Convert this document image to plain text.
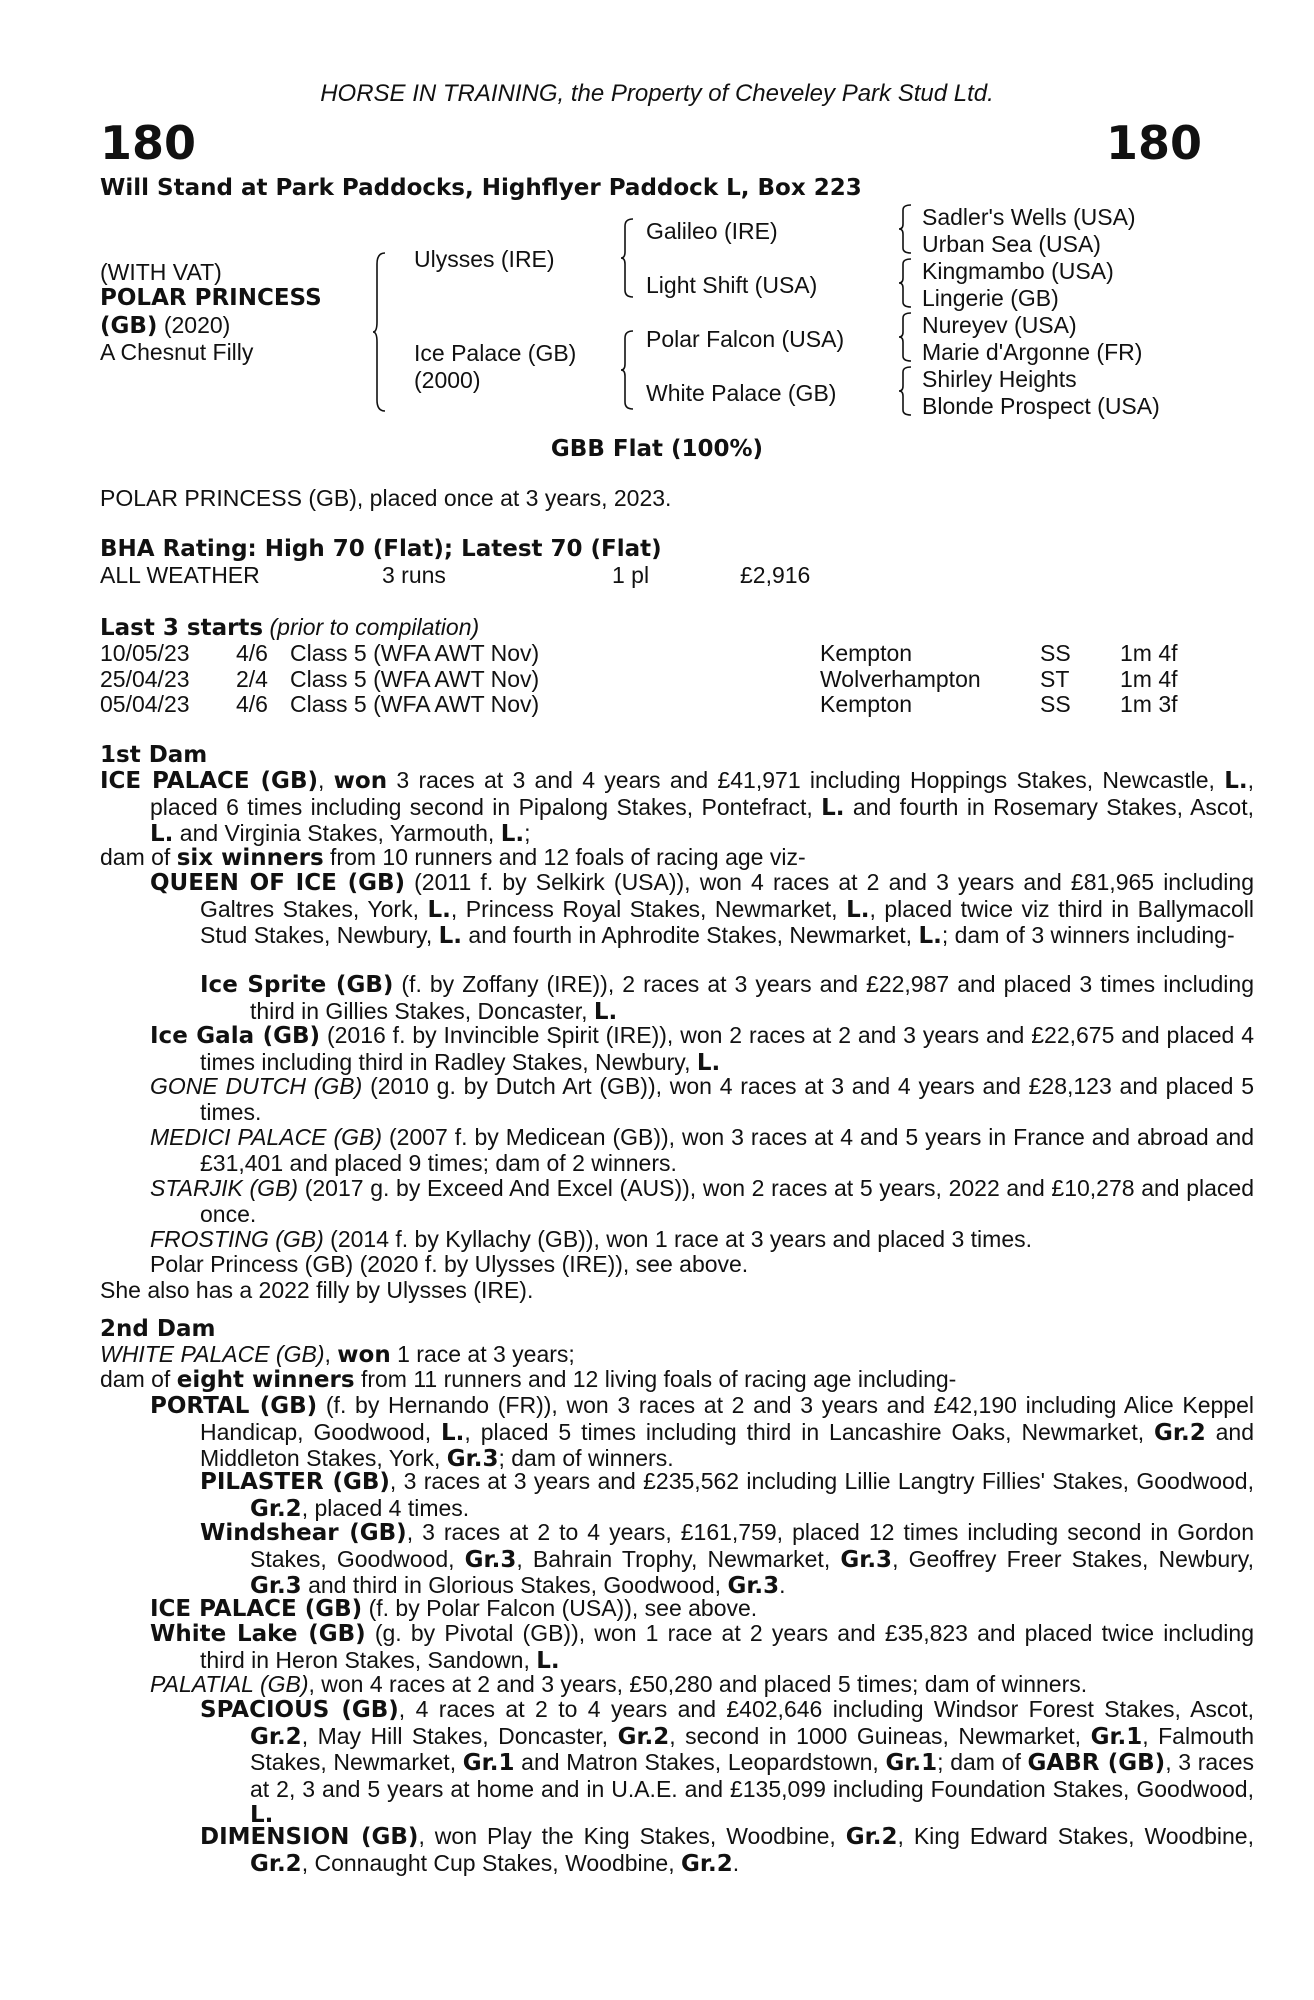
HORSE IN TRAINING, the Property of Cheveley Park Stud Ltd.
180	180
Will Stand at Park Paddocks, Highflyer Paddock L, Box 223
(WITH VAT)
POLAR PRINCESS
(GB) (2020)
A Chesnut Filly
Ulysses (IRE)
Ice Palace (GB)
(2000)
Galileo (IRE)
Light Shift (USA)
Polar Falcon (USA)
White Palace (GB)
Sadler's Wells (USA)
Urban Sea (USA)
Kingmambo (USA)
Lingerie (GB)
Nureyev (USA)
Marie d'Argonne (FR)
Shirley Heights
Blonde Prospect (USA)
GBB Flat (100%)
POLAR PRINCESS (GB), placed once at 3 years, 2023.
BHA Rating: High 70 (Flat); Latest 70 (Flat)
ALL WEATHER	3 runs	1 pl	£2,916
Last 3 starts (prior to compilation)
10/05/23 4/6 Class 5 (WFA AWT Nov)	Kempton	SS 1m 4f
25/04/23 2/4 Class 5 (WFA AWT Nov)	Wolverhampton	ST 1m 4f
05/04/23 4/6 Class 5 (WFA AWT Nov)	Kempton	SS 1m 3f
1st Dam
ICE PALACE (GB), won 3 races at 3 and 4 years and £41,971 including Hoppings Stakes, Newcastle, L., placed 6 times including second in Pipalong Stakes, Pontefract, L. and fourth in Rosemary Stakes, Ascot, L. and Virginia Stakes, Yarmouth, L.;
dam of six winners from 10 runners and 12 foals of racing age viz-
QUEEN OF ICE (GB) (2011 f. by Selkirk (USA)), won 4 races at 2 and 3 years and £81,965 including Galtres Stakes, York, L., Princess Royal Stakes, Newmarket, L., placed twice viz third in Ballymacoll Stud Stakes, Newbury, L. and fourth in Aphrodite Stakes, Newmarket, L.; dam of 3 winners including-
Ice Sprite (GB) (f. by Zoffany (IRE)), 2 races at 3 years and £22,987 and placed 3 times including third in Gillies Stakes, Doncaster, L.
Ice Gala (GB) (2016 f. by Invincible Spirit (IRE)), won 2 races at 2 and 3 years and £22,675 and placed 4 times including third in Radley Stakes, Newbury, L.
GONE DUTCH (GB) (2010 g. by Dutch Art (GB)), won 4 races at 3 and 4 years and £28,123 and placed 5 times.
MEDICI PALACE (GB) (2007 f. by Medicean (GB)), won 3 races at 4 and 5 years in France and abroad and £31,401 and placed 9 times; dam of 2 winners.
STARJIK (GB) (2017 g. by Exceed And Excel (AUS)), won 2 races at 5 years, 2022 and £10,278 and placed once.
FROSTING (GB) (2014 f. by Kyllachy (GB)), won 1 race at 3 years and placed 3 times.
Polar Princess (GB) (2020 f. by Ulysses (IRE)), see above.
She also has a 2022 filly by Ulysses (IRE).
2nd Dam
WHITE PALACE (GB), won 1 race at 3 years;
dam of eight winners from 11 runners and 12 living foals of racing age including-
PORTAL (GB) (f. by Hernando (FR)), won 3 races at 2 and 3 years and £42,190 including Alice Keppel Handicap, Goodwood, L., placed 5 times including third in Lancashire Oaks, Newmarket, Gr.2 and Middleton Stakes, York, Gr.3; dam of winners.
PILASTER (GB), 3 races at 3 years and £235,562 including Lillie Langtry Fillies' Stakes, Goodwood, Gr.2, placed 4 times.
Windshear (GB), 3 races at 2 to 4 years, £161,759, placed 12 times including second in Gordon Stakes, Goodwood, Gr.3, Bahrain Trophy, Newmarket, Gr.3, Geoffrey Freer Stakes, Newbury, Gr.3 and third in Glorious Stakes, Goodwood, Gr.3.
ICE PALACE (GB) (f. by Polar Falcon (USA)), see above.
White Lake (GB) (g. by Pivotal (GB)), won 1 race at 2 years and £35,823 and placed twice including third in Heron Stakes, Sandown, L.
PALATIAL (GB), won 4 races at 2 and 3 years, £50,280 and placed 5 times; dam of winners.
SPACIOUS (GB), 4 races at 2 to 4 years and £402,646 including Windsor Forest Stakes, Ascot, Gr.2, May Hill Stakes, Doncaster, Gr.2, second in 1000 Guineas, Newmarket, Gr.1, Falmouth Stakes, Newmarket, Gr.1 and Matron Stakes, Leopardstown, Gr.1; dam of GABR (GB), 3 races at 2, 3 and 5 years at home and in U.A.E. and £135,099 including Foundation Stakes, Goodwood, L.
DIMENSION (GB), won Play the King Stakes, Woodbine, Gr.2, King Edward Stakes, Woodbine, Gr.2, Connaught Cup Stakes, Woodbine, Gr.2.
